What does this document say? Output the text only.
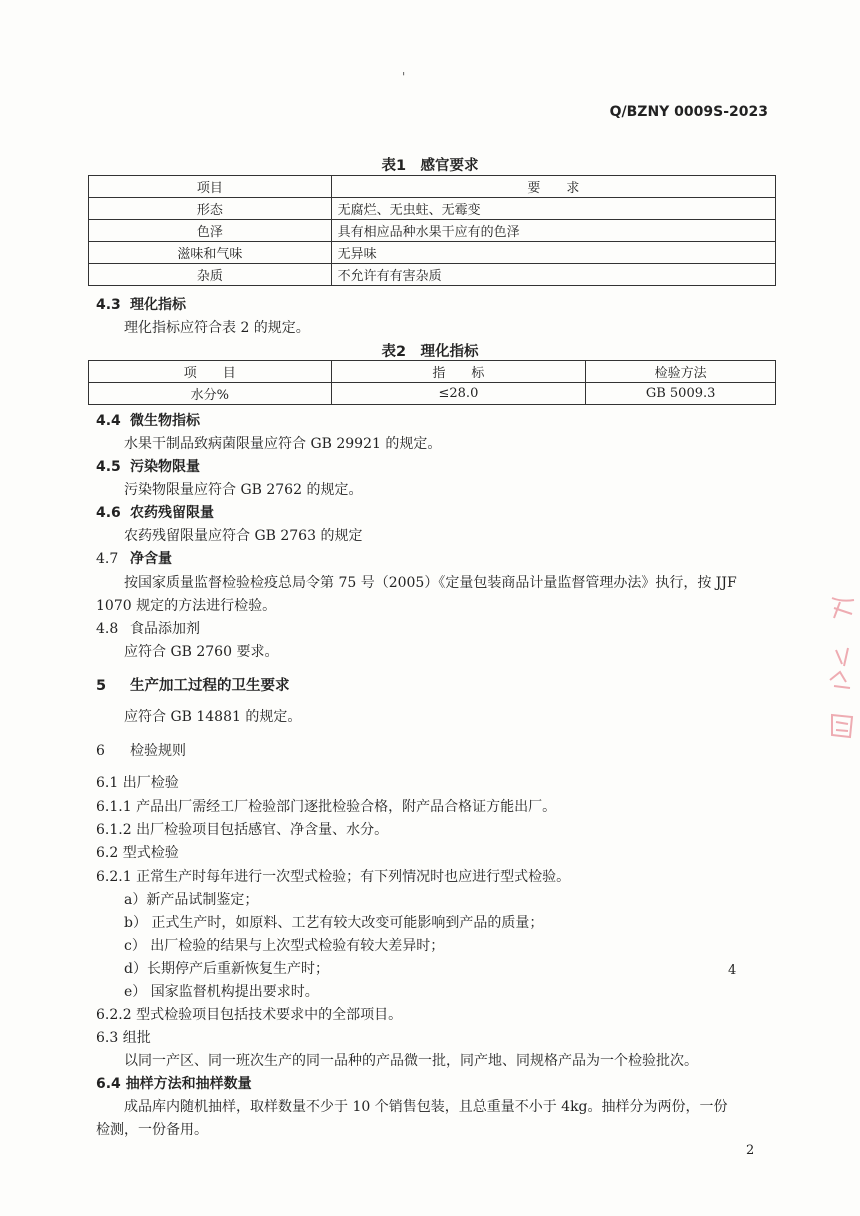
'
Q/BZNY 0009S-2023
表1　感官要求
项目	要　　求
形态	无腐烂、无虫蛀、无霉变
色泽	具有相应品种水果干应有的色泽
滋味和气味	无异味
杂质	不允许有有害杂质
4.3 理化指标
理化指标应符合表 2 的规定。
表2　理化指标
项　　目	指　　标	检验方法
水分%	≤28.0	GB 5009.3
4.4 微生物指标
水果干制品致病菌限量应符合 GB 29921 的规定。
4.5 污染物限量
污染物限量应符合 GB 2762 的规定。
4.6 农药残留限量
农药残留限量应符合 GB 2763 的规定
4.7 净含量
按国家质量监督检验检疫总局令第 75 号（2005）《定量包装商品计量监督管理办法》执行，按 JJF
1070 规定的方法进行检验。
4.8 食品添加剂
应符合 GB 2760 要求。
5 生产加工过程的卫生要求
应符合 GB 14881 的规定。
6 检验规则
6.1 出厂检验
6.1.1 产品出厂需经工厂检验部门逐批检验合格，附产品合格证方能出厂。
6.1.2 出厂检验项目包括感官、净含量、水分。
6.2 型式检验
6.2.1 正常生产时每年进行一次型式检验；有下列情况时也应进行型式检验。
a）新产品试制鉴定；
b） 正式生产时，如原料、工艺有较大改变可能影响到产品的质量；
c） 出厂检验的结果与上次型式检验有较大差异时；
d）长期停产后重新恢复生产时；
e） 国家监督机构提出要求时。
4
6.2.2 型式检验项目包括技术要求中的全部项目。
6.3 组批
以同一产区、同一班次生产的同一品种的产品微一批，同产地、同规格产品为一个检验批次。
6.4 抽样方法和抽样数量
成品库内随机抽样，取样数量不少于 10 个销售包装，且总重量不小于 4kg。抽样分为两份，一份
检测，一份备用。
2
